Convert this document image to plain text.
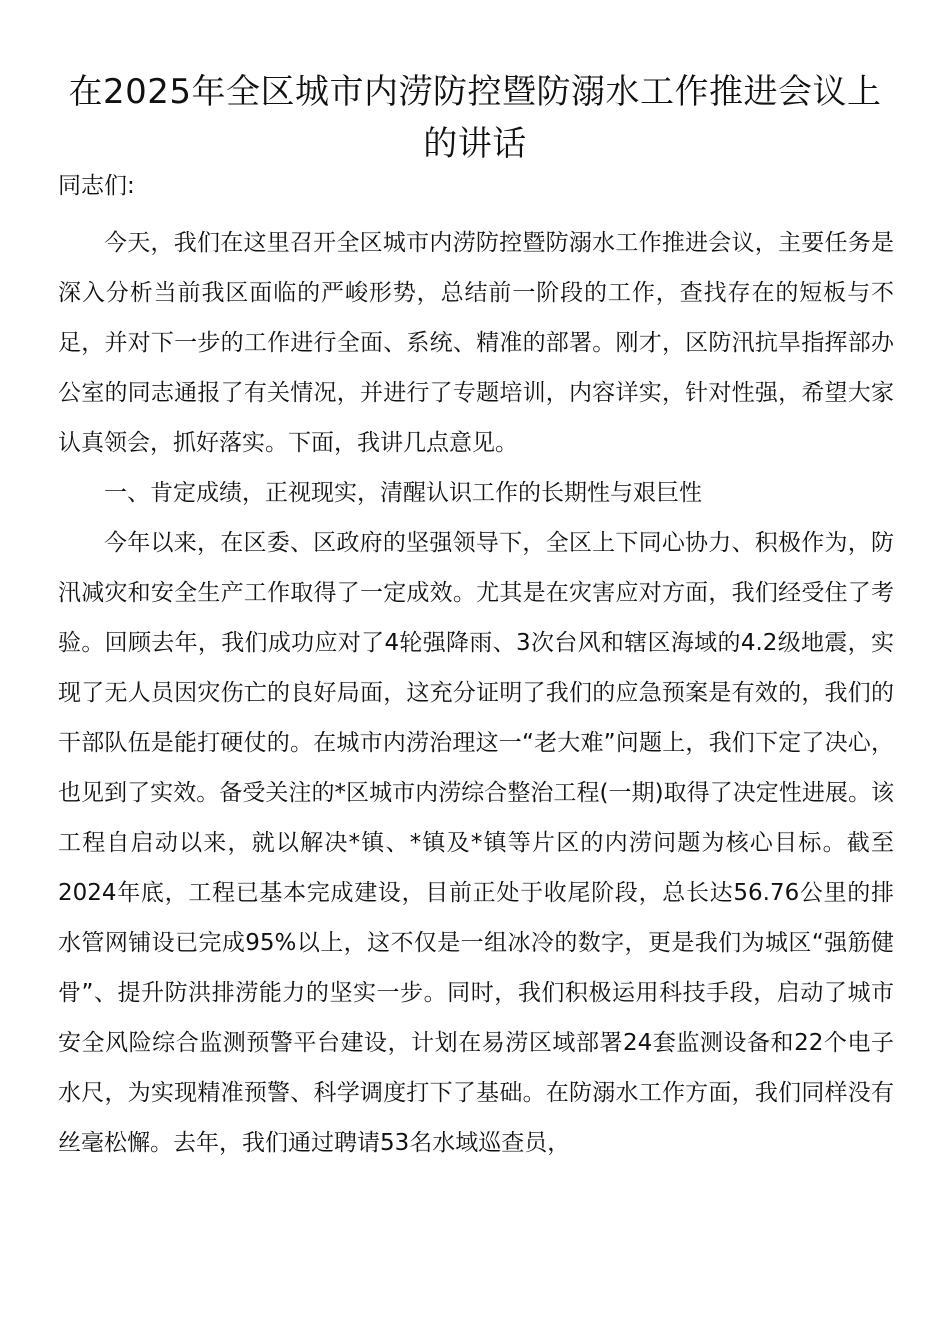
在2025年全区城市内涝防控暨防溺水工作推进会议上的讲话

同志们:

今天，我们在这里召开全区城市内涝防控暨防溺水工作推进会议，主要任务是深入分析当前我区面临的严峻形势，总结前一阶段的工作，查找存在的短板与不足，并对下一步的工作进行全面、系统、精准的部署。刚才，区防汛抗旱指挥部办公室的同志通报了有关情况，并进行了专题培训，内容详实，针对性强，希望大家认真领会，抓好落实。下面，我讲几点意见。

一、肯定成绩，正视现实，清醒认识工作的长期性与艰巨性

今年以来，在区委、区政府的坚强领导下，全区上下同心协力、积极作为，防汛减灾和安全生产工作取得了一定成效。尤其是在灾害应对方面，我们经受住了考验。回顾去年，我们成功应对了4轮强降雨、3次台风和辖区海域的4.2级地震，实现了无人员因灾伤亡的良好局面，这充分证明了我们的应急预案是有效的，我们的干部队伍是能打硬仗的。在城市内涝治理这一“老大难”问题上，我们下定了决心，也见到了实效。备受关注的*区城市内涝综合整治工程(一期)取得了决定性进展。该工程自启动以来，就以解决*镇、*镇及*镇等片区的内涝问题为核心目标。截至2024年底，工程已基本完成建设，目前正处于收尾阶段，总长达56.76公里的排水管网铺设已完成95%以上，这不仅是一组冰冷的数字，更是我们为城区“强筋健骨”、提升防洪排涝能力的坚实一步。同时，我们积极运用科技手段，启动了城市安全风险综合监测预警平台建设，计划在易涝区域部署24套监测设备和22个电子水尺，为实现精准预警、科学调度打下了基础。在防溺水工作方面，我们同样没有丝毫松懈。去年，我们通过聘请53名水域巡查员，
